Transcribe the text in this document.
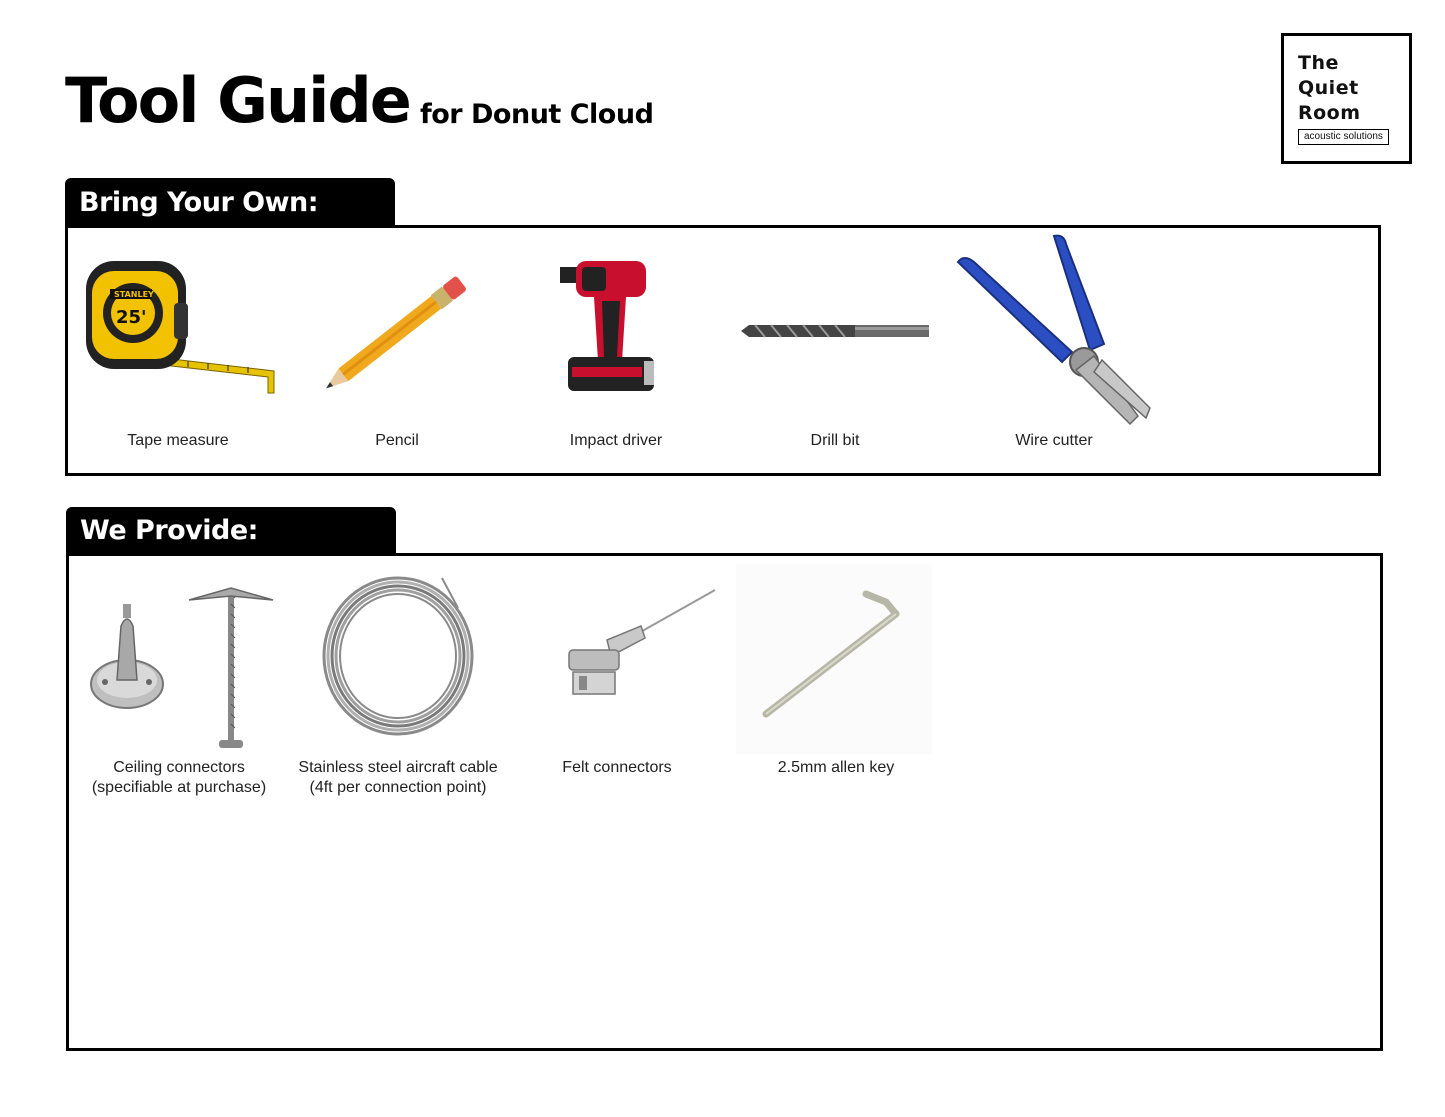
Tool Guide for Donut Cloud
The
Quiet
Room
acoustic solutions
Bring Your Own:
STANLEY
25'
Tape measure	Pencil	Impact driver	Drill bit	Wire cutter
We Provide:
Ceiling connectors
(specifiable at purchase)
Stainless steel aircraft cable
(4ft per connection point)
Felt connectors	2.5mm allen key
